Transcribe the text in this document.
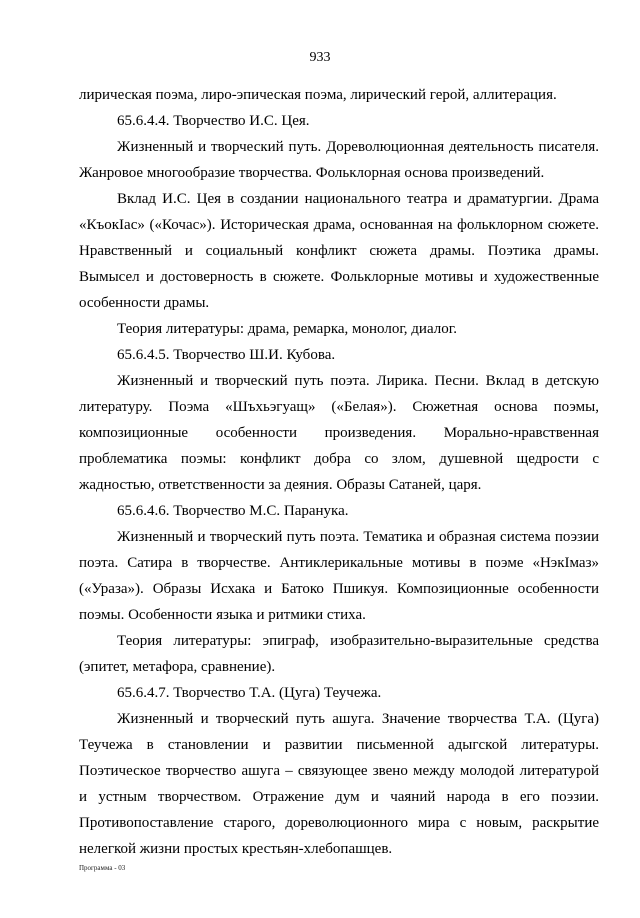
933

лирическая поэма, лиро-эпическая поэма, лирический герой, аллитерация.

65.6.4.4. Творчество И.С. Цея.

Жизненный и творческий путь. Дореволюционная деятельность писателя. Жанровое многообразие творчества. Фольклорная основа произведений.

Вклад И.С. Цея в создании национального театра и драматургии. Драма «КъокIас» («Кочас»). Историческая драма, основанная на фольклорном сюжете. Нравственный и социальный конфликт сюжета драмы. Поэтика драмы. Вымысел и достоверность в сюжете. Фольклорные мотивы и художественные особенности драмы.

Теория литературы: драма, ремарка, монолог, диалог.

65.6.4.5. Творчество Ш.И. Кубова.

Жизненный и творческий путь поэта. Лирика. Песни. Вклад в детскую литературу. Поэма «Шъхьэгуащ» («Белая»). Сюжетная основа поэмы, композиционные особенности произведения. Морально-нравственная проблематика поэмы: конфликт добра со злом, душевной щедрости с жадностью, ответственности за деяния. Образы Сатаней, царя.

65.6.4.6. Творчество М.С. Паранука.

Жизненный и творческий путь поэта. Тематика и образная система поэзии поэта. Сатира в творчестве. Антиклерикальные мотивы в поэме «НэкIмаз» («Ураза»). Образы Исхака и Батоко Пшикуя. Композиционные особенности поэмы. Особенности языка и ритмики стиха.

Теория литературы: эпиграф, изобразительно-выразительные средства (эпитет, метафора, сравнение).

65.6.4.7. Творчество Т.А. (Цуга) Теучежа.

Жизненный и творческий путь ашуга. Значение творчества Т.А. (Цуга) Теучежа в становлении и развитии письменной адыгской литературы. Поэтическое творчество ашуга – связующее звено между молодой литературой и устным творчеством. Отражение дум и чаяний народа в его поэзии. Противопоставление старого, дореволюционного мира с новым, раскрытие нелегкой жизни простых крестьян-хлебопашцев.

Программа - 03
